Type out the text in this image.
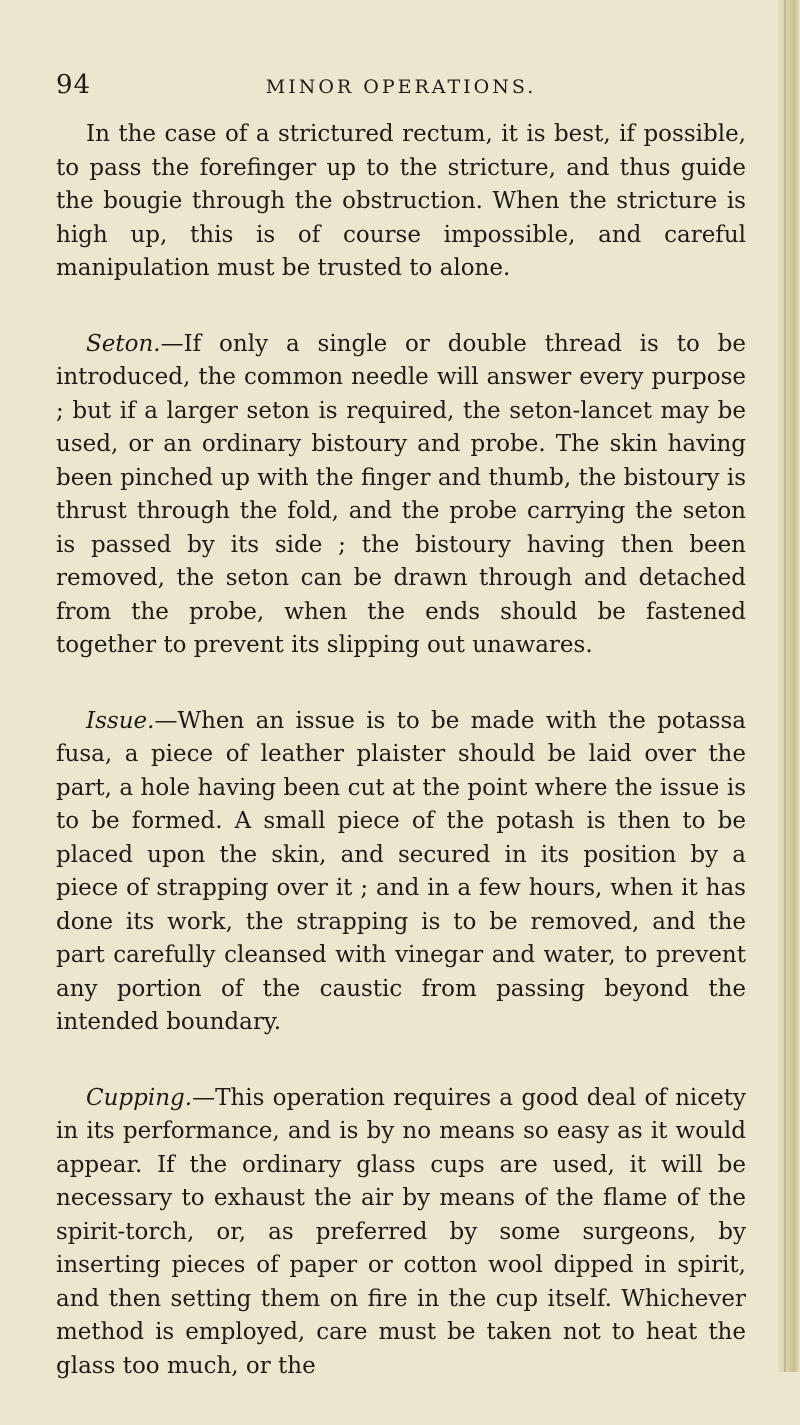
94	MINOR OPERATIONS.

In the case of a strictured rectum, it is best, if possible, to pass the forefinger up to the stricture, and thus guide the bougie through the obstruction. When the stricture is high up, this is of course impossible, and careful manipulation must be trusted to alone.

Seton.—If only a single or double thread is to be introduced, the common needle will answer every purpose ; but if a larger seton is required, the seton-lancet may be used, or an ordinary bistoury and probe. The skin having been pinched up with the finger and thumb, the bistoury is thrust through the fold, and the probe carrying the seton is passed by its side ; the bistoury having then been removed, the seton can be drawn through and detached from the probe, when the ends should be fastened together to prevent its slipping out unawares.

Issue.—When an issue is to be made with the potassa fusa, a piece of leather plaister should be laid over the part, a hole having been cut at the point where the issue is to be formed. A small piece of the potash is then to be placed upon the skin, and secured in its position by a piece of strapping over it ; and in a few hours, when it has done its work, the strapping is to be removed, and the part carefully cleansed with vinegar and water, to prevent any portion of the caustic from passing beyond the intended boundary.

Cupping.—This operation requires a good deal of nicety in its performance, and is by no means so easy as it would appear. If the ordinary glass cups are used, it will be necessary to exhaust the air by means of the flame of the spirit-torch, or, as preferred by some surgeons, by inserting pieces of paper or cotton wool dipped in spirit, and then setting them on fire in the cup itself. Whichever method is employed, care must be taken not to heat the glass too much, or the
